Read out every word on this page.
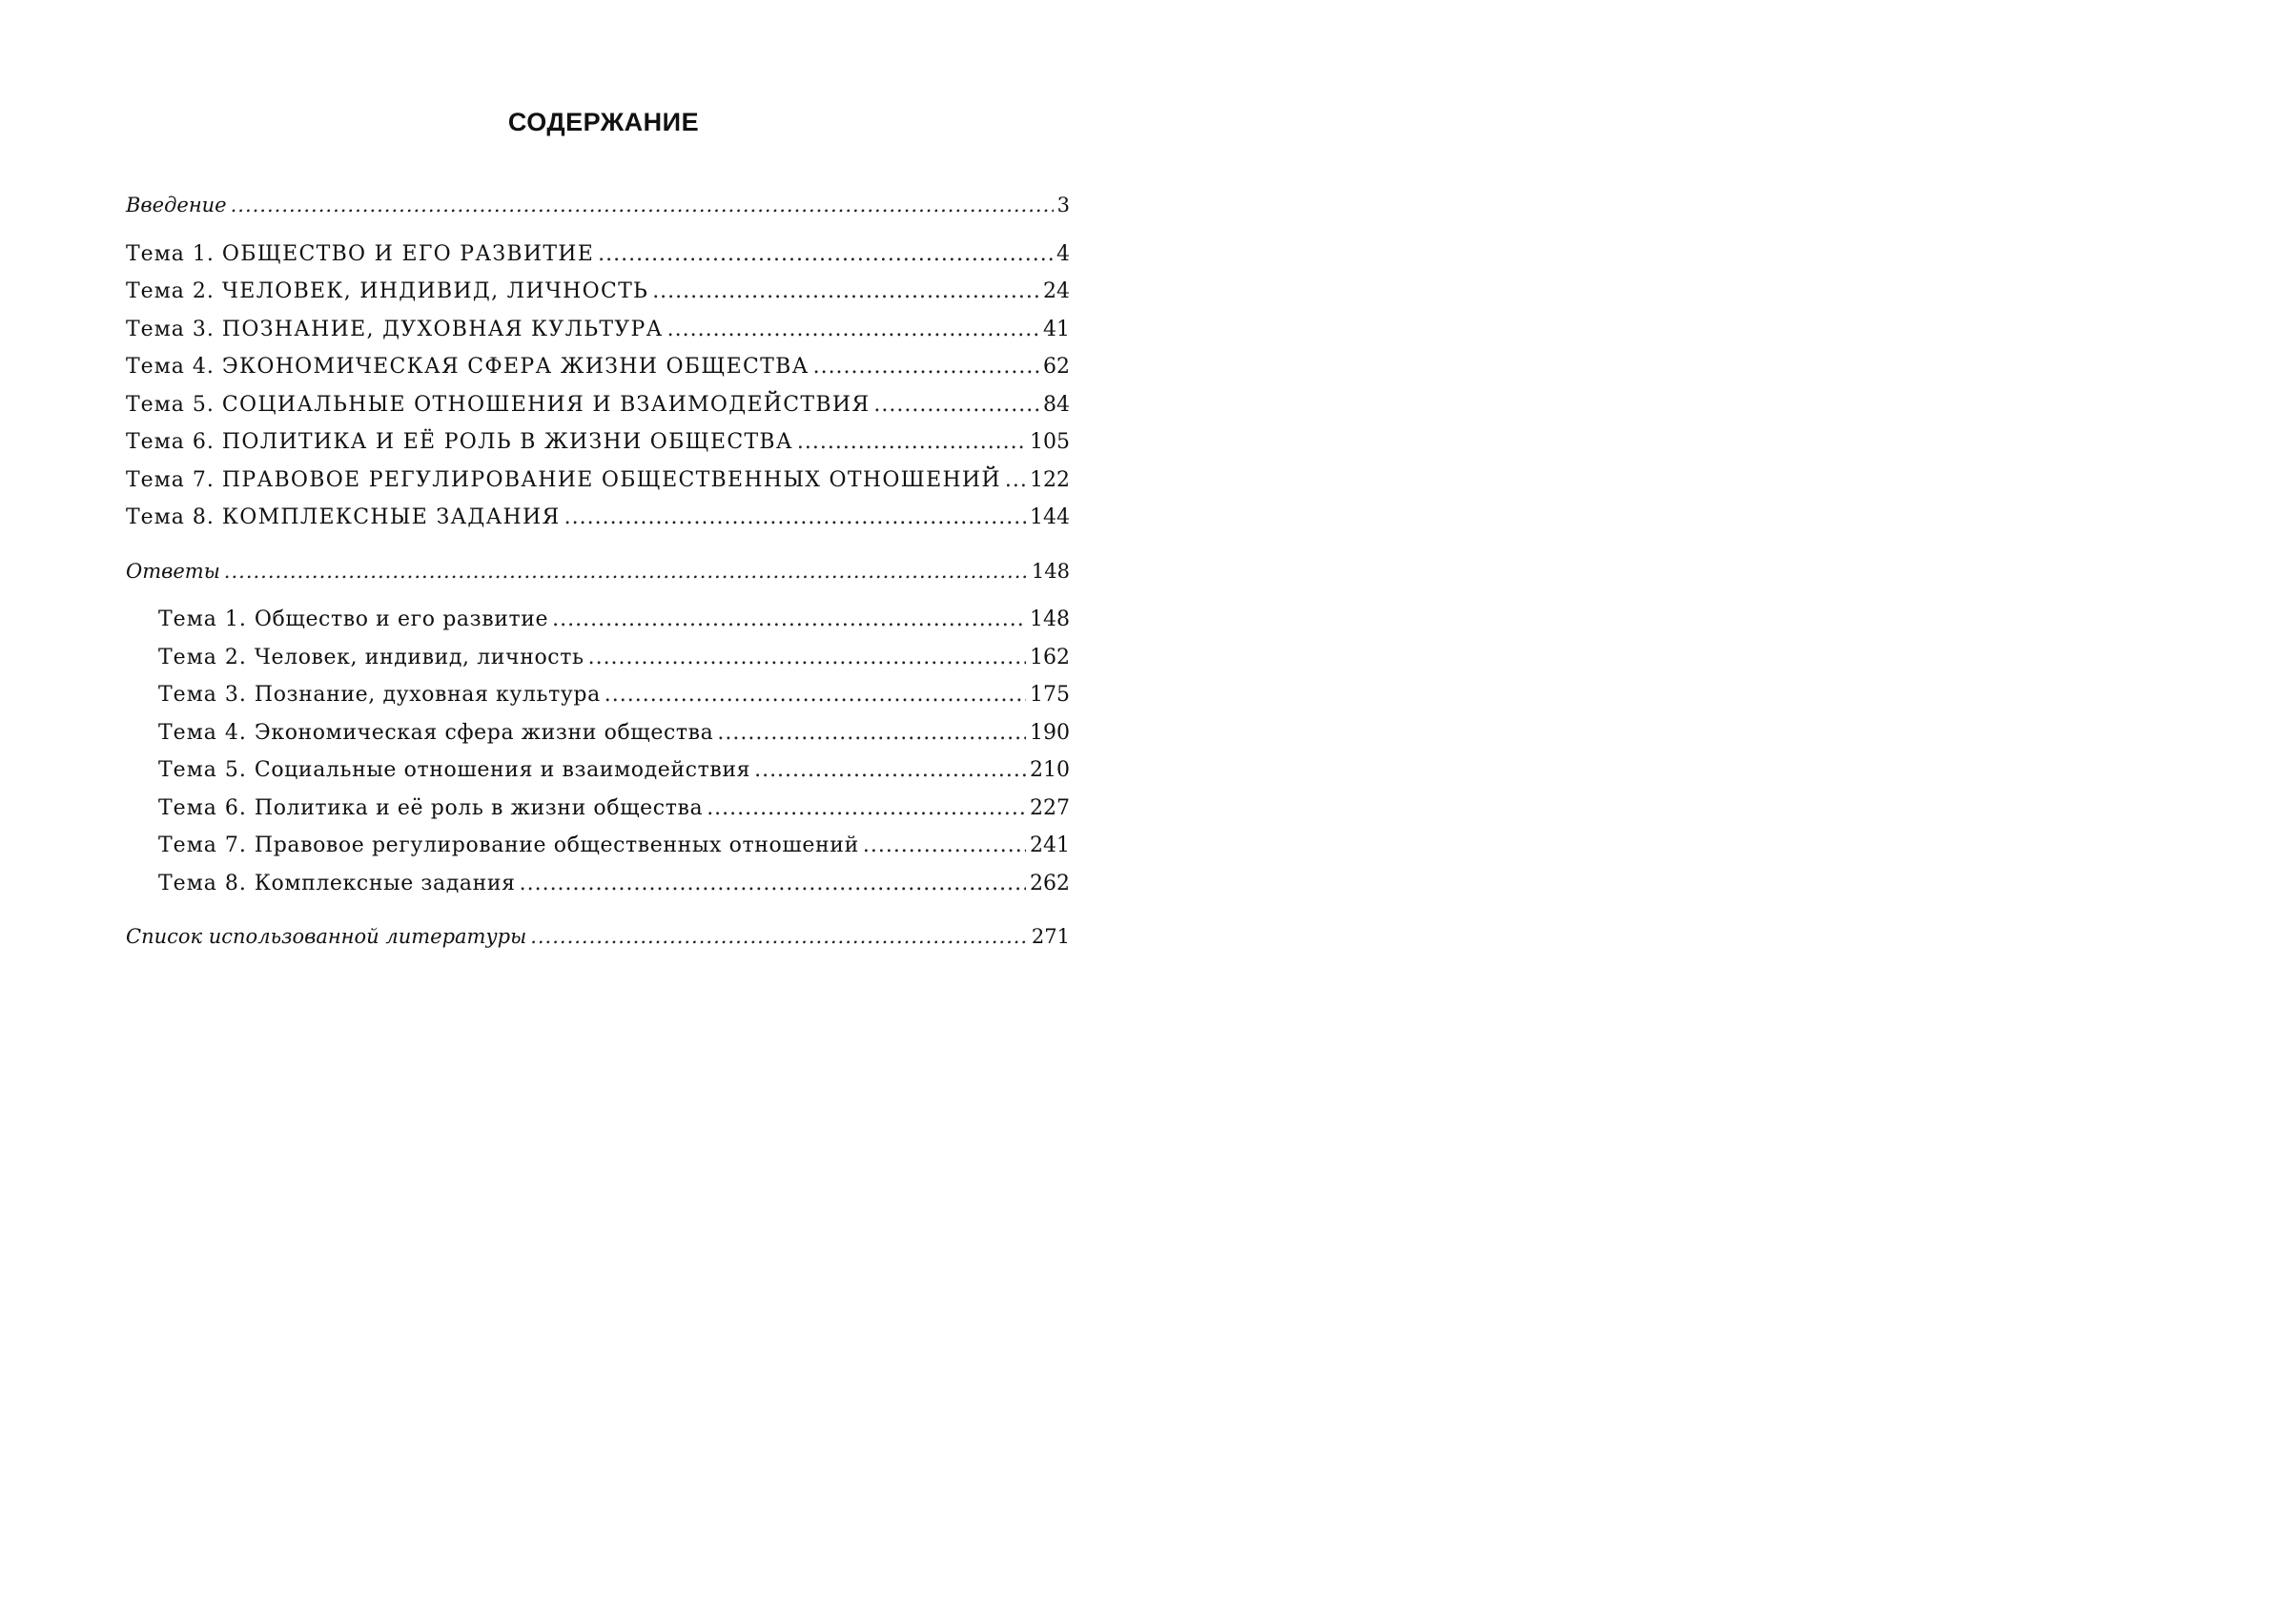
СОДЕРЖАНИЕ
Введение .....	3
Тема 1. ОБЩЕСТВО И ЕГО РАЗВИТИЕ .....	4
Тема 2. ЧЕЛОВЕК, ИНДИВИД, ЛИЧНОСТЬ .....	24
Тема 3. ПОЗНАНИЕ, ДУХОВНАЯ КУЛЬТУРА .....	41
Тема 4. ЭКОНОМИЧЕСКАЯ СФЕРА ЖИЗНИ ОБЩЕСТВА .....	62
Тема 5. СОЦИАЛЬНЫЕ ОТНОШЕНИЯ И ВЗАИМОДЕЙСТВИЯ .....	84
Тема 6. ПОЛИТИКА И ЕЁ РОЛЬ В ЖИЗНИ ОБЩЕСТВА .....	105
Тема 7. ПРАВОВОЕ РЕГУЛИРОВАНИЕ ОБЩЕСТВЕННЫХ ОТНОШЕНИЙ ..... 122
Тема 8. КОМПЛЕКСНЫЕ ЗАДАНИЯ .....	144
Ответы .....	148
Тема 1. Общество и его развитие .....	148
Тема 2. Человек, индивид, личность .....	162
Тема 3. Познание, духовная культура .....	175
Тема 4. Экономическая сфера жизни общества .....	190
Тема 5. Социальные отношения и взаимодействия .....	210
Тема 6. Политика и её роль в жизни общества .....	227
Тема 7. Правовое регулирование общественных отношений .....	241
Тема 8. Комплексные задания .....	262
Список использованной литературы .....	271
